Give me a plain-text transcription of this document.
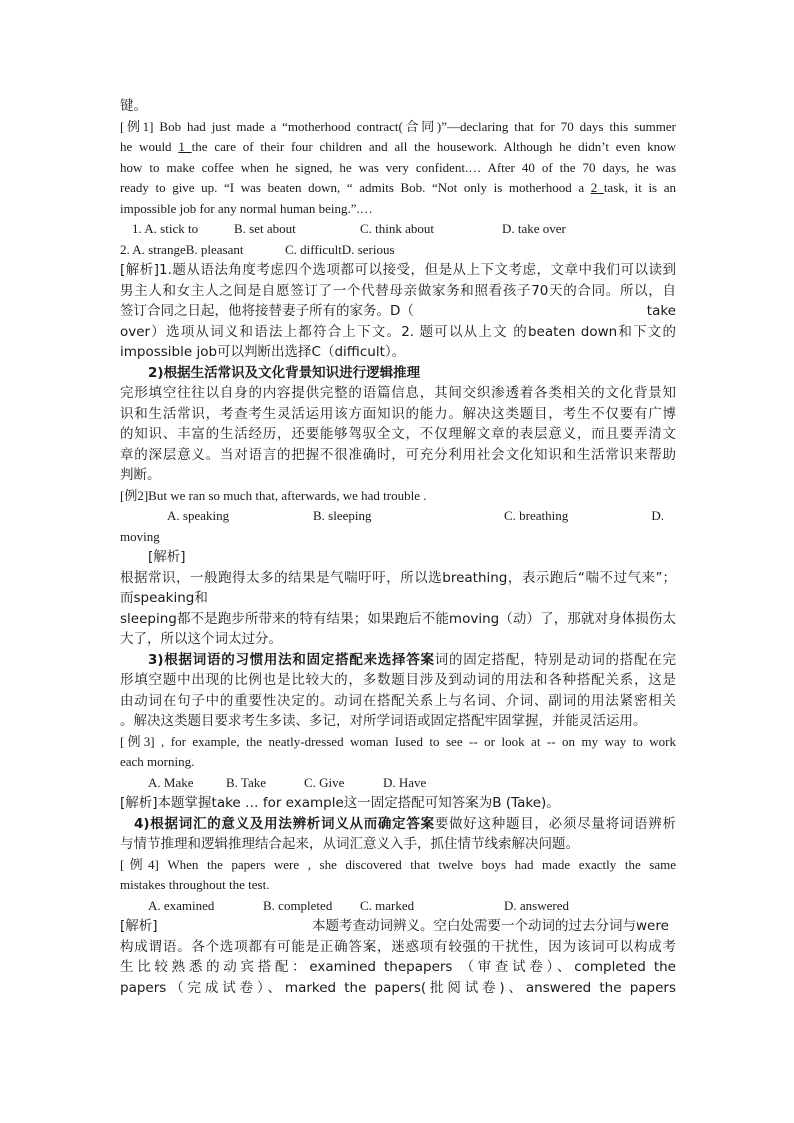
键。
[例1] Bob had just made a “motherhood contract(合同)”—declaring that for 70 days this summer
he would 1 the care of their four children and all the housework. Although he didn’t even know
how to make coffee when he signed, he was very confident.… After 40 of the 70 days, he was
ready to give up. “I was beaten down, “ admits Bob. “Not only is motherhood a 2 task, it is an
impossible job for any normal human being.”.…
1. A. stick to	B. set about	C. think about	D. take over
2. A. strangeB. pleasant	C. difficultD. serious
[解析]1.题从语法角度考虑四个选项都可以接受，但是从上下文考虑，文章中我们可以读到
男主人和女主人之间是自愿签订了一个代替母亲做家务和照看孩子70天的合同。所以，自
签订合同之日起，他将接替妻子所有的家务。D（	take
over）选项从词义和语法上都符合上下文。2. 题可以从上文 的beaten down和下文的
impossible job可以判断出选择C（difficult）。
2)根据生活常识及文化背景知识进行逻辑推理
完形填空往往以自身的内容提供完整的语篇信息，其间交织渗透着各类相关的文化背景知
识和生活常识，考查考生灵活运用该方面知识的能力。解决这类题目，考生不仅要有广博
的知识、丰富的生活经历，还要能够驾驭全文，不仅理解文章的表层意义，而且要弄清文
章的深层意义。当对语言的把握不很准确时，可充分利用社会文化知识和生活常识来帮助
判断。
[例2]But we ran so much that, afterwards, we had trouble .
A. speaking	B. sleeping	C. breathing	D.
moving
[解析]
根据常识，一般跑得太多的结果是气喘吁吁，所以选breathing，表示跑后“喘不过气来”；
而speaking和
sleeping都不是跑步所带来的特有结果；如果跑后不能moving（动）了，那就对身体损伤太
大了，所以这个词太过分。
3)根据词语的习惯用法和固定搭配来选择答案词的固定搭配，特别是动词的搭配在完
形填空题中出现的比例也是比较大的，多数题目涉及到动词的用法和各种搭配关系，这是
由动词在句子中的重要性决定的。动词在搭配关系上与名词、介词、副词的用法紧密相关
。解决这类题目要求考生多读、多记，对所学词语或固定搭配牢固掌握，并能灵活运用。
[例3] , for example, the neatly-dressed woman Iused to see -- or look at -- on my way to work
each morning.
A. Make	B. Take	C. Give	D. Have
[解析]本题掌握take … for example这一固定搭配可知答案为B (Take)。
4)根据词汇的意义及用法辨析词义从而确定答案要做好这种题目，必须尽量将词语辨析
与情节推理和逻辑推理结合起来，从词汇意义入手，抓住情节线索解决问题。
[例4] When the papers were , she discovered that twelve boys had made exactly the same
mistakes throughout the test.
A. examined	B. completed C. marked	D. answered
[解析]	本题考查动词辨义。空白处需要一个动词的过去分词与were
构成谓语。各个选项都有可能是正确答案，迷惑项有较强的干扰性，因为该词可以构成考
生比较熟悉的动宾搭配：examined thepapers （审查试卷）、completed the
papers（完成试卷）、marked the papers(批阅试卷)、answered the papers
